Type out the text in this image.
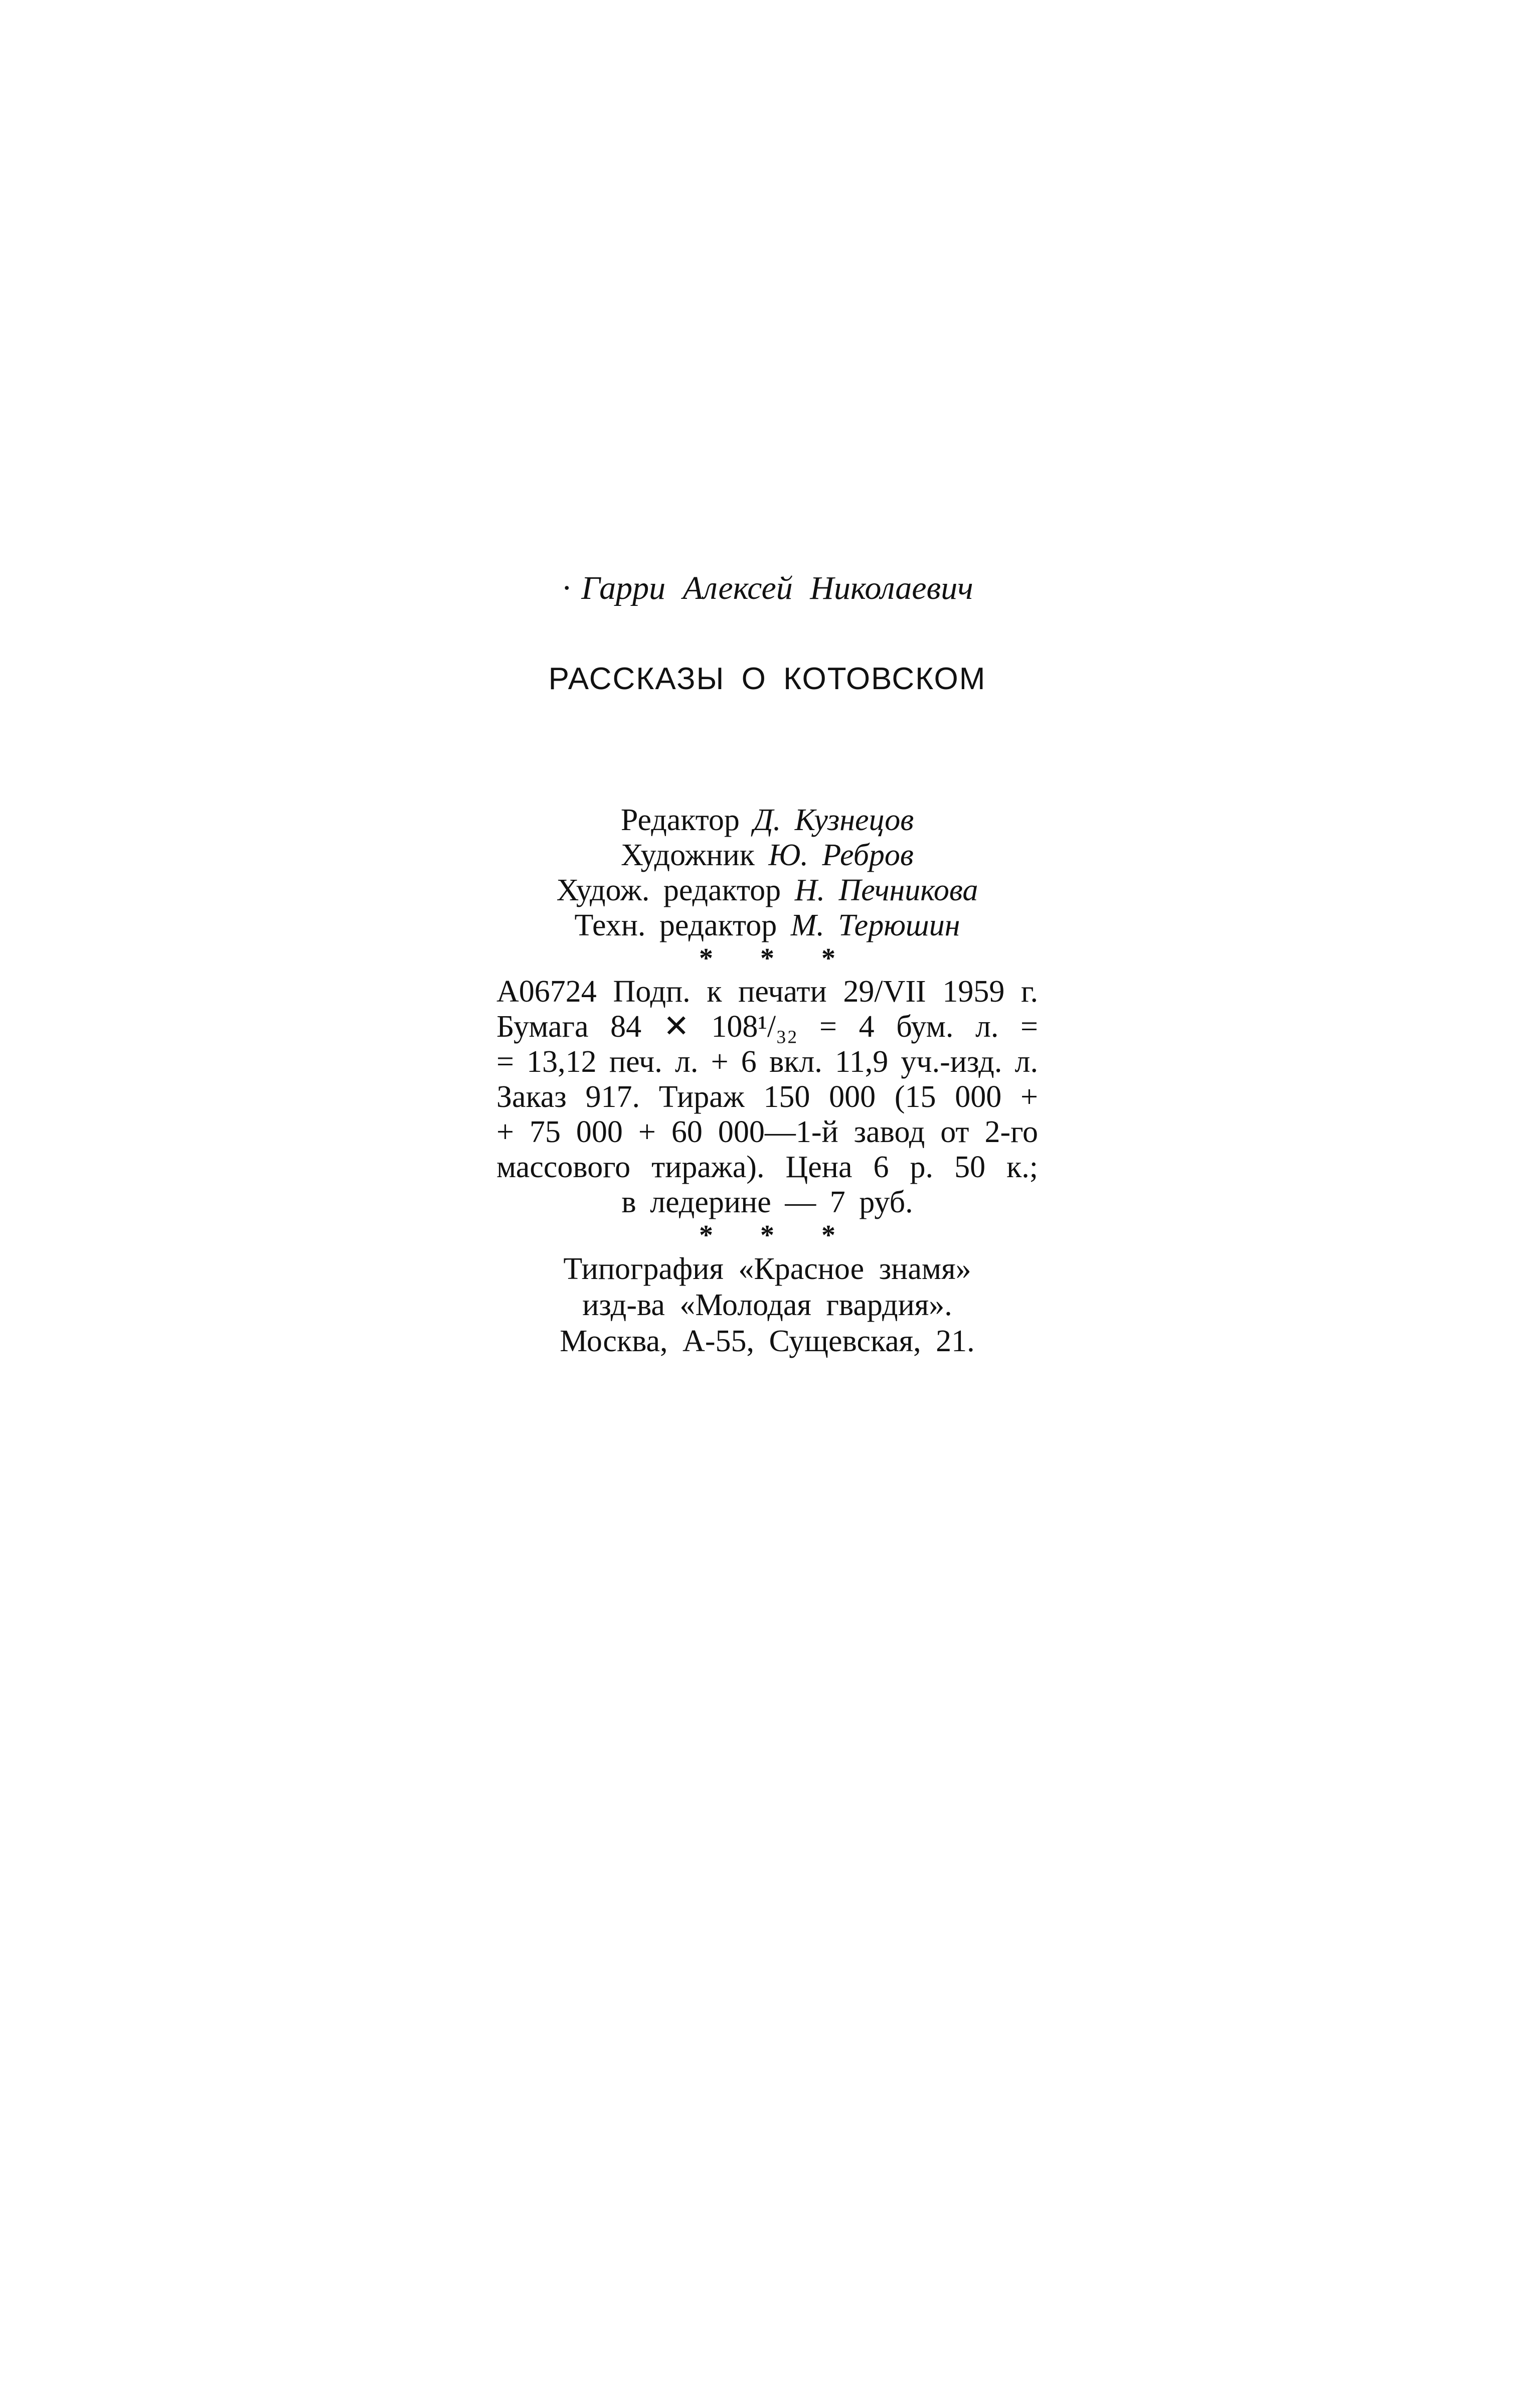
· Гарри Алексей Николаевич
РАССКАЗЫ О КОТОВСКОМ
Редактор Д. Кузнецов
Художник Ю. Ребров
Худож. редактор Н. Печникова
Техн. редактор М. Терюшин
* * *
А06724 Подп. к печати 29/VII 1959 г.
Бумага 84 ✕ 108¹/₃₂ = 4 бум. л. =
= 13,12 печ. л. + 6 вкл. 11,9 уч.-изд. л.
Заказ 917. Тираж 150 000 (15 000 +
+ 75 000 + 60 000—1-й завод от 2-го
массового тиража). Цена 6 р. 50 к.;
в ледерине — 7 руб.
* * *
Типография «Красное знамя»
изд-ва «Молодая гвардия».
Москва, А-55, Сущевская, 21.
